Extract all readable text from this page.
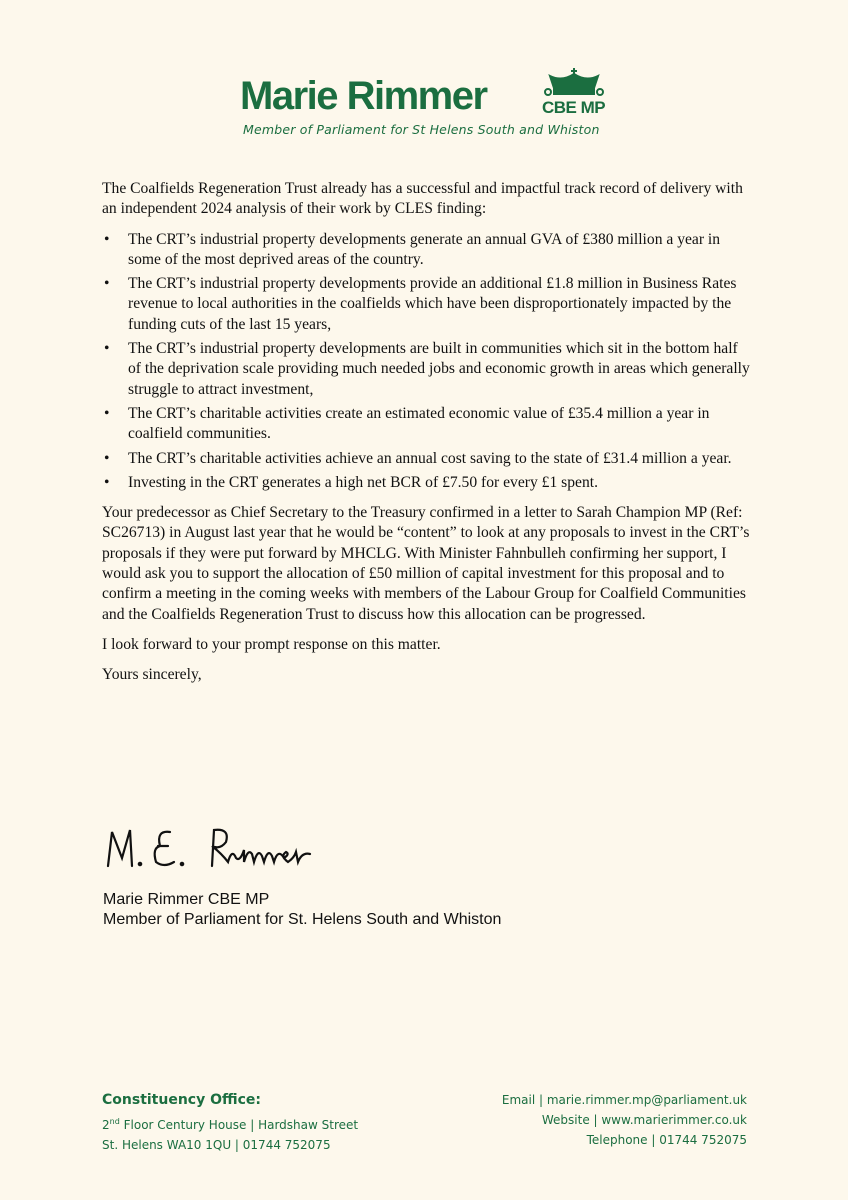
Marie Rimmer	CBE MP
Member of Parliament for St Helens South and Whiston

The Coalfields Regeneration Trust already has a successful and impactful track record of delivery with an independent 2024 analysis of their work by CLES finding:

• The CRT’s industrial property developments generate an annual GVA of £380 million a year in some of the most deprived areas of the country.
• The CRT’s industrial property developments provide an additional £1.8 million in Business Rates revenue to local authorities in the coalfields which have been disproportionately impacted by the funding cuts of the last 15 years,
• The CRT’s industrial property developments are built in communities which sit in the bottom half of the deprivation scale providing much needed jobs and economic growth in areas which generally struggle to attract investment,
• The CRT’s charitable activities create an estimated economic value of £35.4 million a year in coalfield communities.
• The CRT’s charitable activities achieve an annual cost saving to the state of £31.4 million a year.
• Investing in the CRT generates a high net BCR of £7.50 for every £1 spent.

Your predecessor as Chief Secretary to the Treasury confirmed in a letter to Sarah Champion MP (Ref: SC26713) in August last year that he would be “content” to look at any proposals to invest in the CRT’s proposals if they were put forward by MHCLG. With Minister Fahnbulleh confirming her support, I would ask you to support the allocation of £50 million of capital investment for this proposal and to confirm a meeting in the coming weeks with members of the Labour Group for Coalfield Communities and the Coalfields Regeneration Trust to discuss how this allocation can be progressed.

I look forward to your prompt response on this matter.

Yours sincerely,

Marie Rimmer CBE MP
Member of Parliament for St. Helens South and Whiston
Constituency Office:
2nd Floor Century House | Hardshaw Street
St. Helens WA10 1QU | 01744 752075
Email | marie.rimmer.mp@parliament.uk
Website | www.marierimmer.co.uk
Telephone | 01744 752075
